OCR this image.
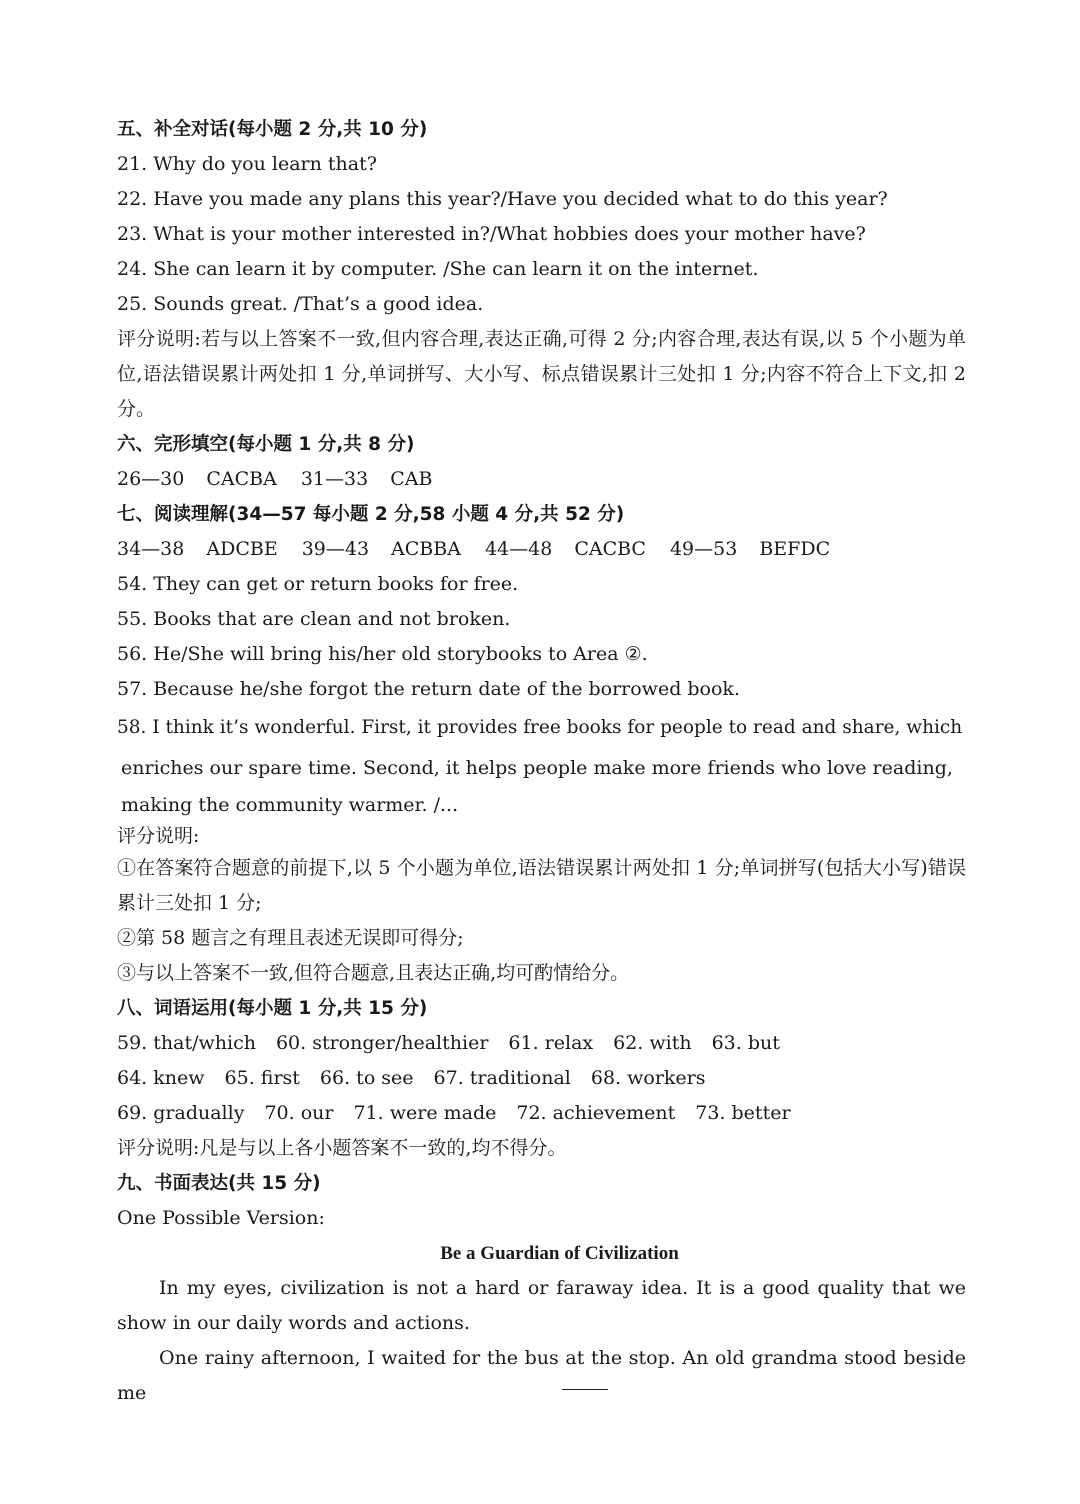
五、补全对话(每小题 2 分,共 10 分)
21. Why do you learn that?
22. Have you made any plans this year?/Have you decided what to do this year?
23. What is your mother interested in?/What hobbies does your mother have?
24. She can learn it by computer. /She can learn it on the internet.
25. Sounds great. /That’s a good idea.
评分说明:若与以上答案不一致,但内容合理,表达正确,可得 2 分;内容合理,表达有误,以 5 个小题为单位,语法错误累计两处扣 1 分,单词拼写、大小写、标点错误累计三处扣 1 分;内容不符合上下文,扣 2 分。
六、完形填空(每小题 1 分,共 8 分)
26—30 CACBA 31—33 CAB
七、阅读理解(34—57 每小题 2 分,58 小题 4 分,共 52 分)
34—38 ADCBE 39—43 ACBBA 44—48 CACBC 49—53 BEFDC
54. They can get or return books for free.
55. Books that are clean and not broken.
56. He/She will bring his/her old storybooks to Area ②.
57. Because he/she forgot the return date of the borrowed book.
58. I think it’s wonderful. First, it provides free books for people to read and share, which
enriches our spare time. Second, it helps people make more friends who love reading,
making the community warmer. /...
评分说明:
①在答案符合题意的前提下,以 5 个小题为单位,语法错误累计两处扣 1 分;单词拼写(包括大小写)错误累计三处扣 1 分;
②第 58 题言之有理且表述无误即可得分;
③与以上答案不一致,但符合题意,且表达正确,均可酌情给分。
八、词语运用(每小题 1 分,共 15 分)
59. that/which 60. stronger/healthier 61. relax 62. with 63. but
64. knew 65. first 66. to see 67. traditional 68. workers
69. gradually 70. our 71. were made 72. achievement 73. better
评分说明:凡是与以上各小题答案不一致的,均不得分。
九、书面表达(共 15 分)
One Possible Version:
Be a Guardian of Civilization
In my eyes, civilization is not a hard or faraway idea. It is a good quality that we show in our daily words and actions.
One rainy afternoon, I waited for the bus at the stop. An old grandma stood beside me
